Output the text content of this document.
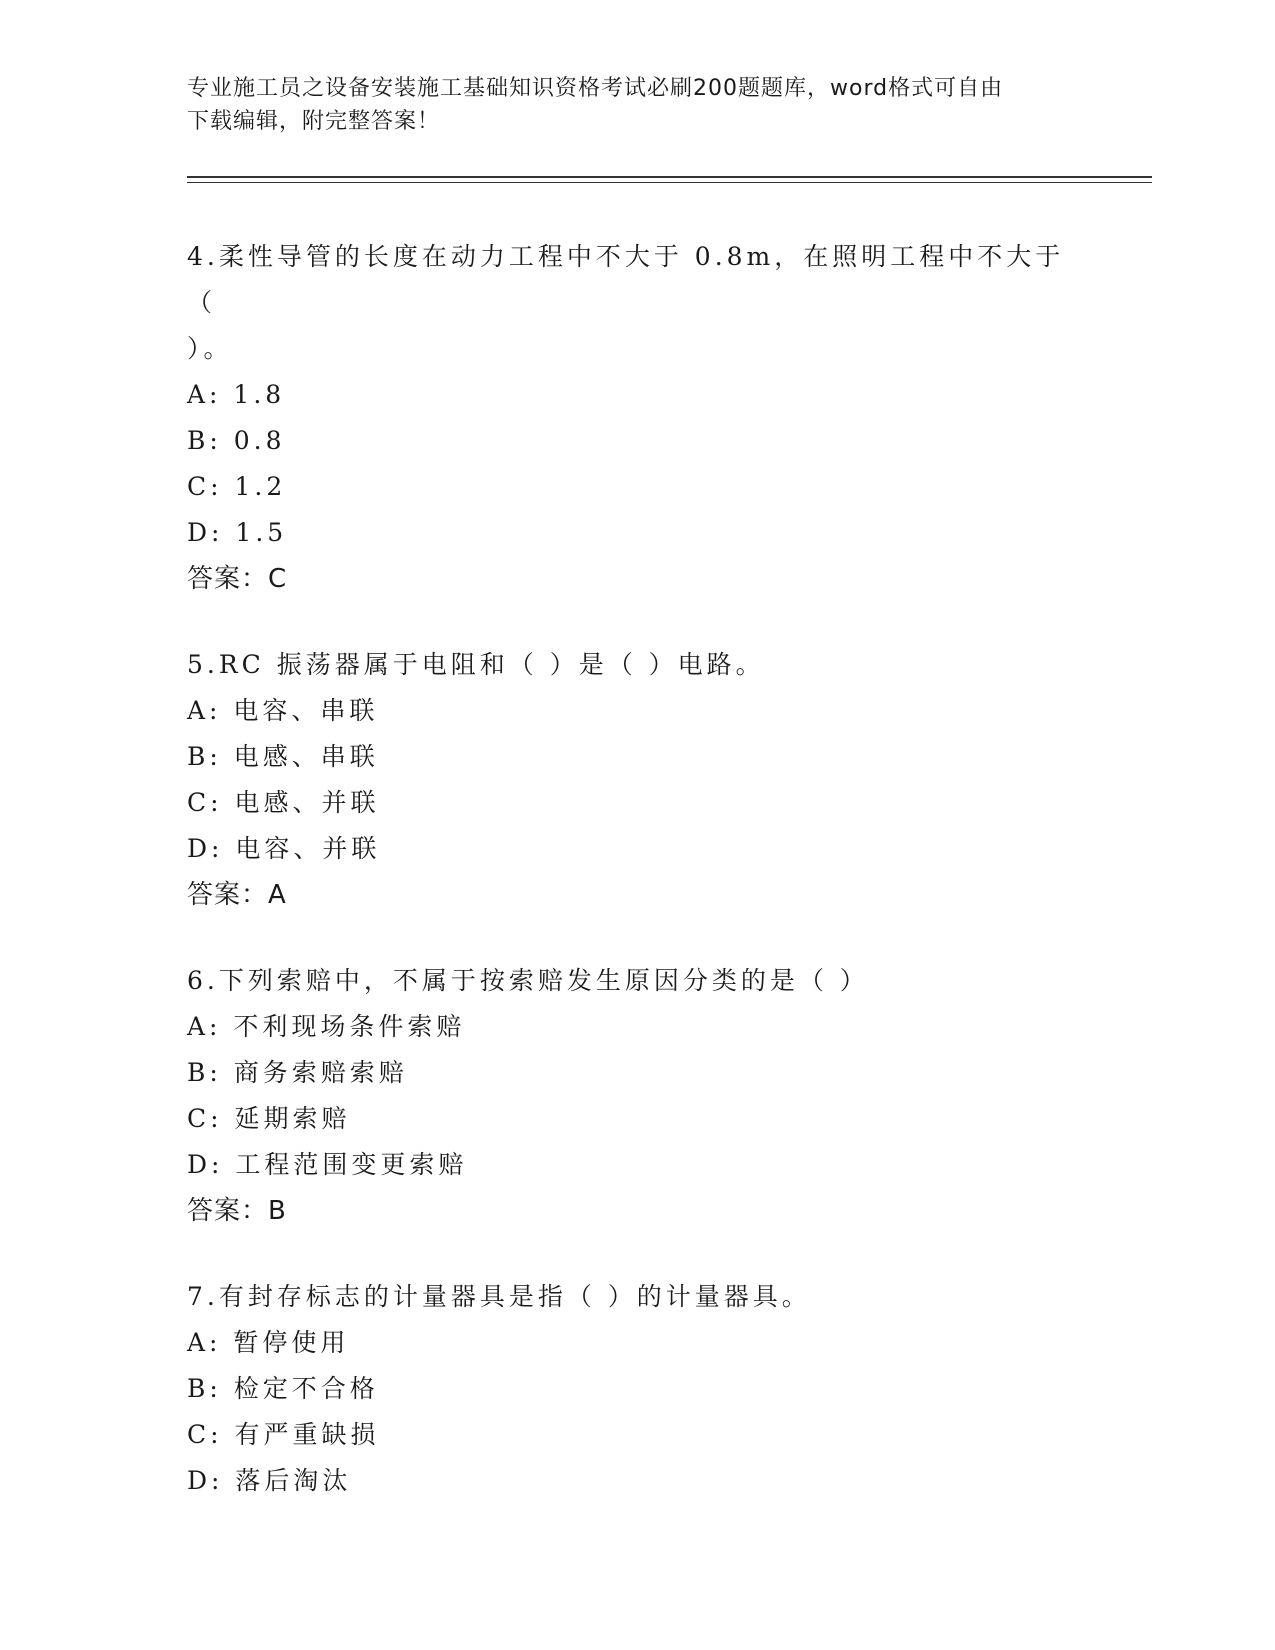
专业施工员之设备安装施工基础知识资格考试必刷200题题库，word格式可自由
下载编辑，附完整答案！
4.柔性导管的长度在动力工程中不大于 0.8m，在照明工程中不大于（
）。
A: 1.8
B: 0.8
C: 1.2
D: 1.5
答案：C
5.RC 振荡器属于电阻和（ ）是（ ）电路。
A: 电容、串联
B: 电感、串联
C: 电感、并联
D: 电容、并联
答案：A
6.下列索赔中，不属于按索赔发生原因分类的是（ ）
A: 不利现场条件索赔
B: 商务索赔索赔
C: 延期索赔
D: 工程范围变更索赔
答案：B
7.有封存标志的计量器具是指（ ）的计量器具。
A: 暂停使用
B: 检定不合格
C: 有严重缺损
D: 落后淘汰
